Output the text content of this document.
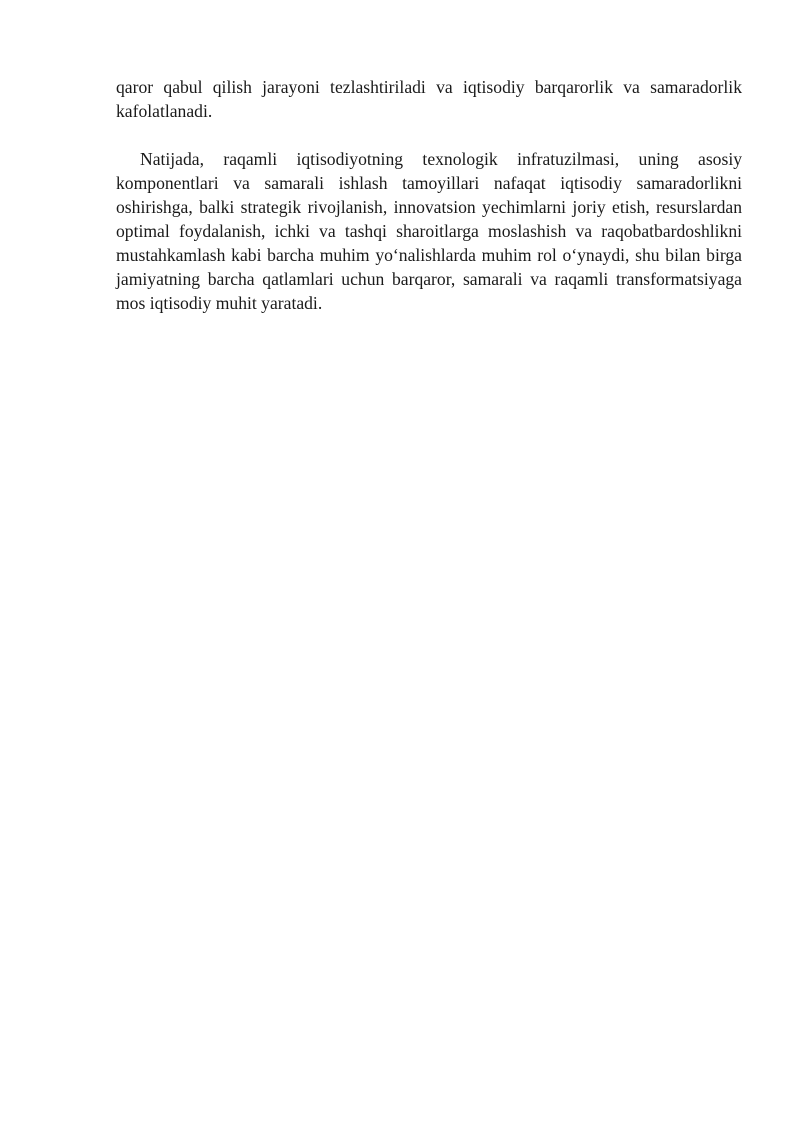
qaror qabul qilish jarayoni tezlashtiriladi va iqtisodiy barqarorlik va samaradorlik kafolatlanadi.

Natijada, raqamli iqtisodiyotning texnologik infratuzilmasi, uning asosiy komponentlari va samarali ishlash tamoyillari nafaqat iqtisodiy samaradorlikni oshirishga, balki strategik rivojlanish, innovatsion yechimlarni joriy etish, resurslardan optimal foydalanish, ichki va tashqi sharoitlarga moslashish va raqobatbardoshlikni mustahkamlash kabi barcha muhim yo‘nalishlarda muhim rol o‘ynaydi, shu bilan birga jamiyatning barcha qatlamlari uchun barqaror, samarali va raqamli transformatsiyaga mos iqtisodiy muhit yaratadi.
